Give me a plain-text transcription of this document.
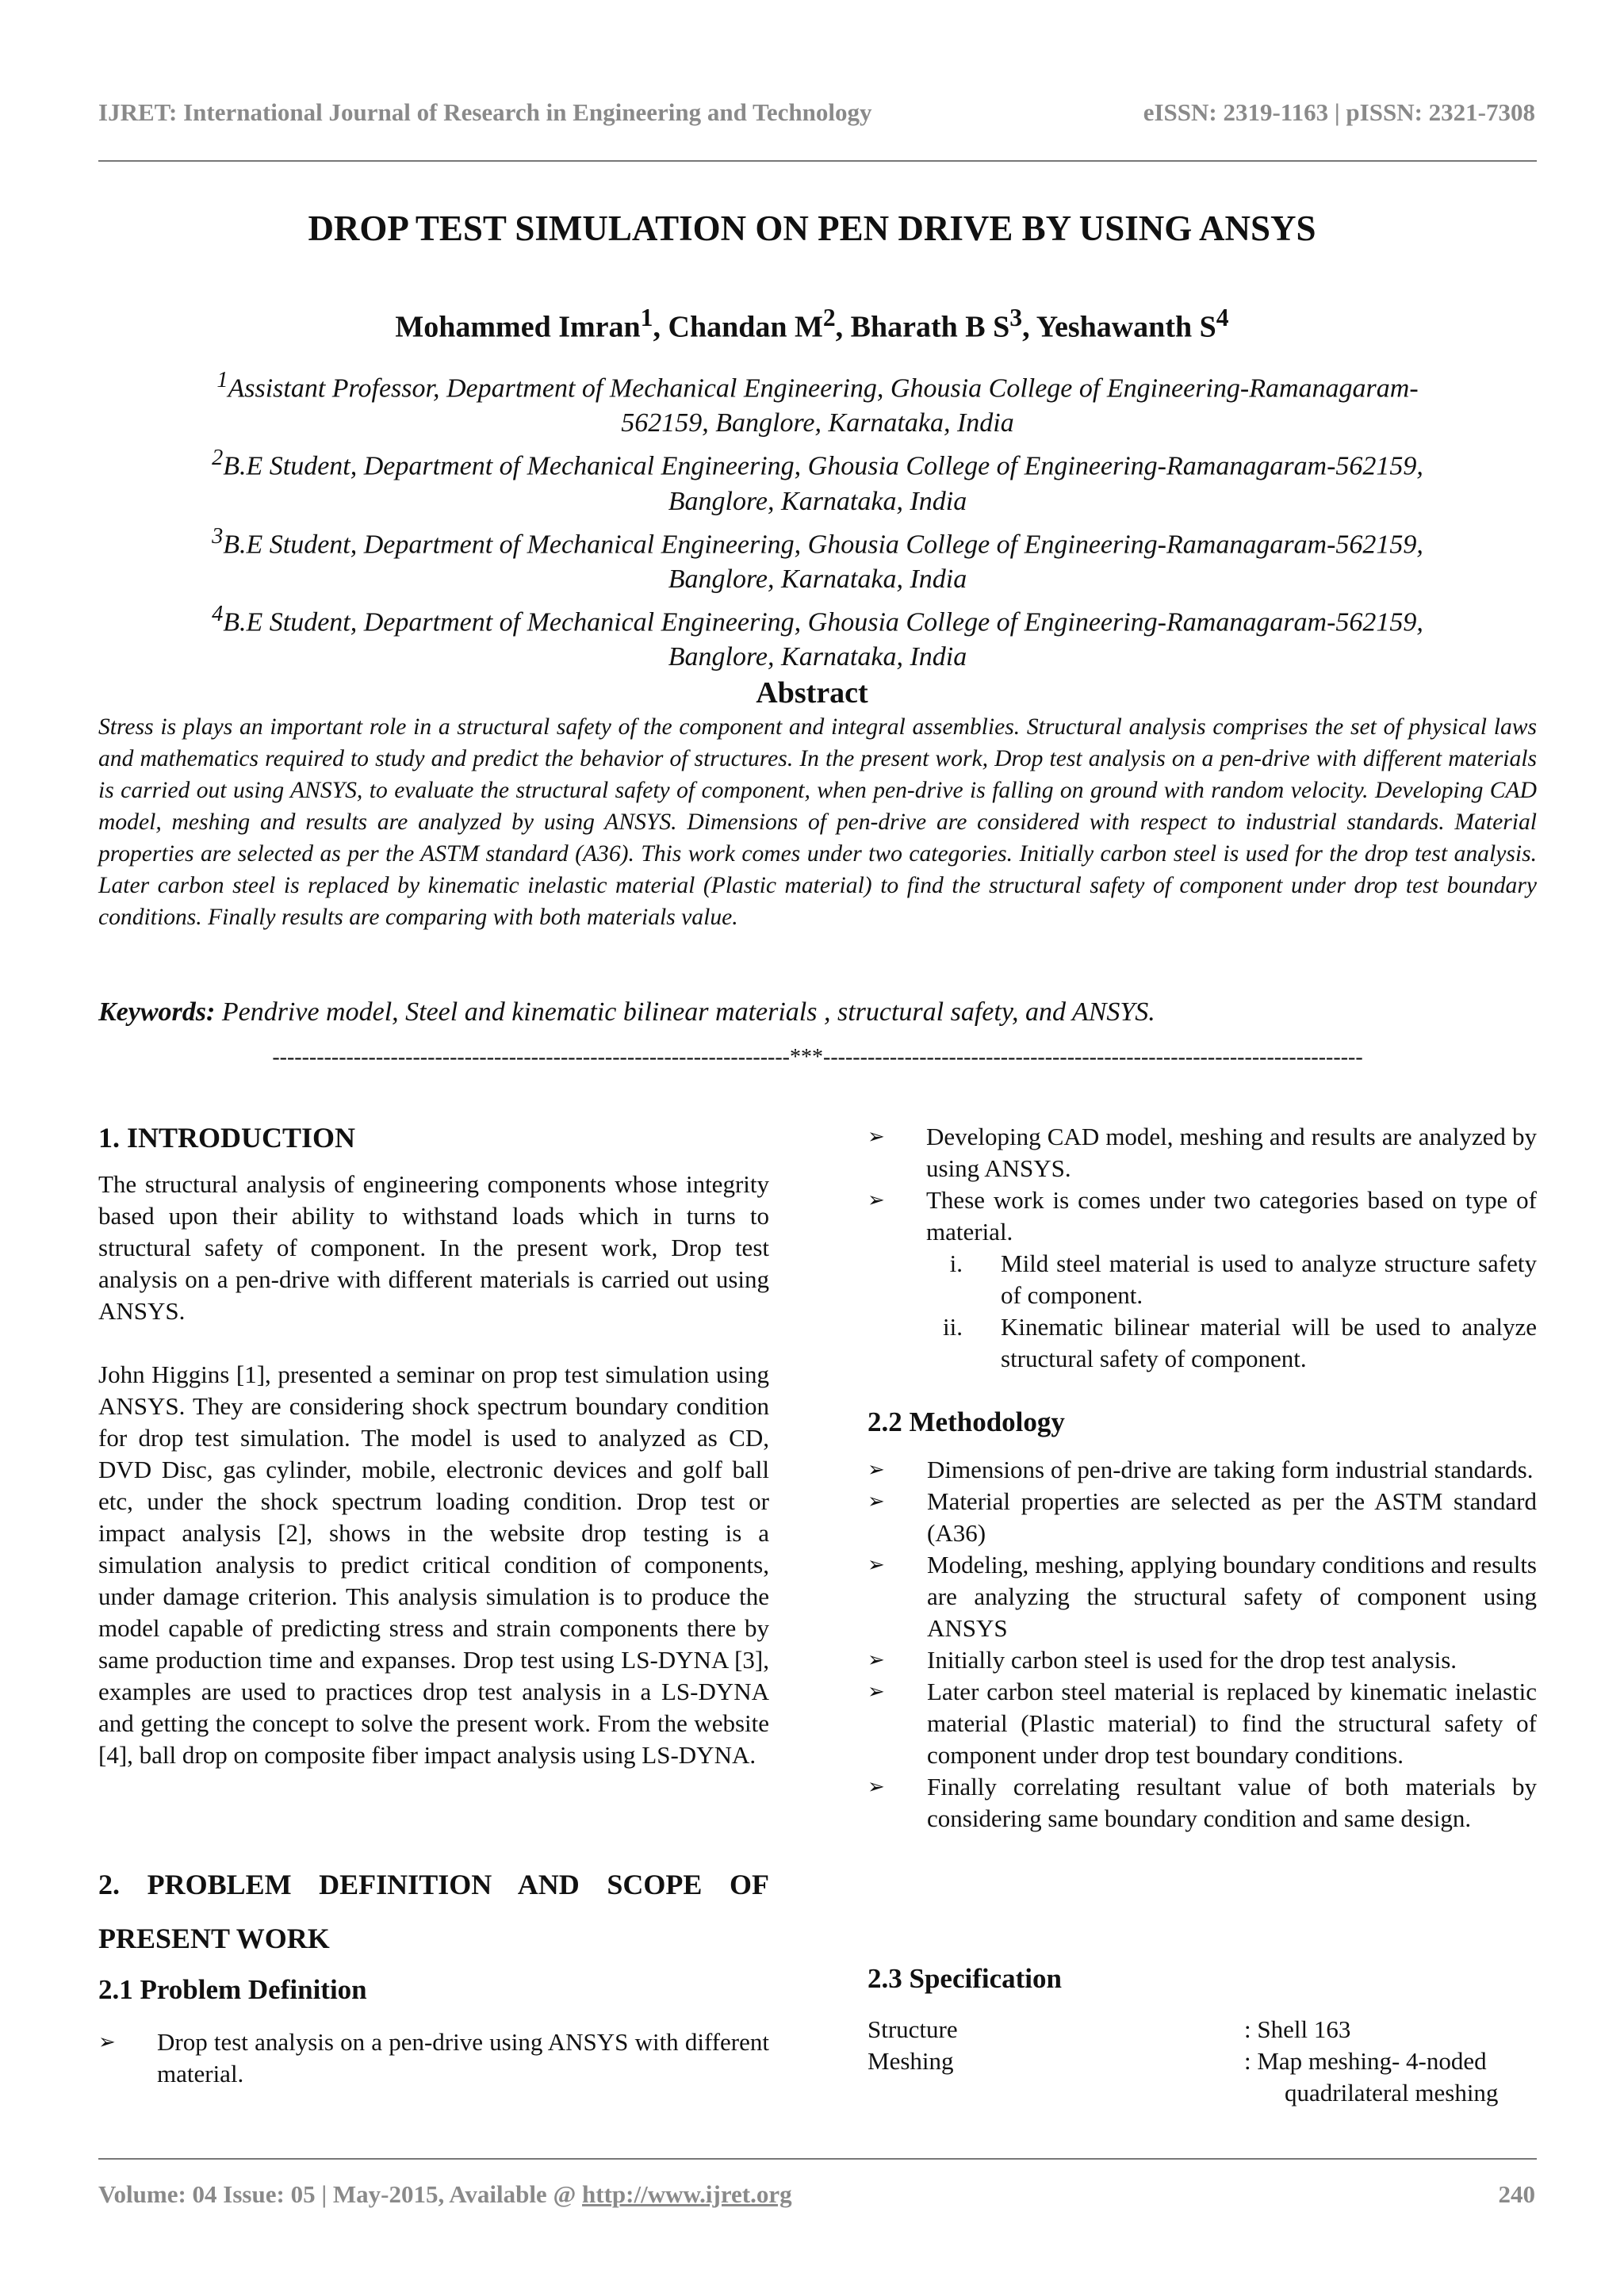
IJRET: International Journal of Research in Engineering and Technology	eISSN: 2319-1163 | pISSN: 2321-7308
DROP TEST SIMULATION ON PEN DRIVE BY USING ANSYS
Mohammed Imran$^1$, Chandan $M^2$, Bharath B $S^3$, Yeshawanth $S^4$
$^1$Assistant Professor, Department of Mechanical Engineering, Ghousia College of Engineering-Ramanagaram-
562159, Banglore, Karnataka, India
$^2$B.E Student, Department of Mechanical Engineering, Ghousia College of Engineering-Ramanagaram-562159,
Banglore, Karnataka, India
$^3$B.E Student, Department of Mechanical Engineering, Ghousia College of Engineering-Ramanagaram-562159,
Banglore, Karnataka, India
$^4$B.E Student, Department of Mechanical Engineering, Ghousia College of Engineering-Ramanagaram-562159,
Banglore, Karnataka, India
Abstract
Stress is plays an important role in a structural safety of the component and integral assemblies. Structural analysis comprises the set of physical laws and mathematics required to study and predict the behavior of structures. In the present work, Drop test analysis on a pen-drive with different materials is carried out using ANSYS, to evaluate the structural safety of component, when pen-drive is falling on ground with random velocity. Developing CAD model, meshing and results are analyzed by using ANSYS. Dimensions of pen-drive are considered with respect to industrial standards. Material properties are selected as per the ASTM standard (A36). This work comes under two categories. Initially carbon steel is used for the drop test analysis. Later carbon steel is replaced by kinematic inelastic material (Plastic material) to find the structural safety of component under drop test boundary conditions. Finally results are comparing with both materials value.
Keywords: Pendrive model, Steel and kinematic bilinear materials , structural safety, and ANSYS.
----------------------------------------------------------------------***-------------------------------------------------------------------------
1. INTRODUCTION
The structural analysis of engineering components whose integrity based upon their ability to withstand loads which in turns to structural safety of component. In the present work, Drop test analysis on a pen-drive with different materials is carried out using ANSYS.
John Higgins [1], presented a seminar on prop test simulation using ANSYS. They are considering shock spectrum boundary condition for drop test simulation. The model is used to analyzed as CD, DVD Disc, gas cylinder, mobile, electronic devices and golf ball etc, under the shock spectrum loading condition. Drop test or impact analysis [2], shows in the website drop testing is a simulation analysis to predict critical condition of components, under damage criterion. This analysis simulation is to produce the model capable of predicting stress and strain components there by same production time and expanses. Drop test using LS-DYNA [3], examples are used to practices drop test analysis in a LS-DYNA and getting the concept to solve the present work. From the website [4], ball drop on composite fiber impact analysis using LS-DYNA.
2. PROBLEM DEFINITION AND SCOPE OF
PRESENT WORK
2.1 Problem Definition
➢ Drop test analysis on a pen-drive using ANSYS with different material.
➢ Developing CAD model, meshing and results are analyzed by using ANSYS.
➢ These work is comes under two categories based on type of material.
i. Mild steel material is used to analyze structure safety of component.
ii. Kinematic bilinear material will be used to analyze structural safety of component.
2.2 Methodology
➢ Dimensions of pen-drive are taking form industrial standards.
➢ Material properties are selected as per the ASTM standard (A36)
➢ Modeling, meshing, applying boundary conditions and results are analyzing the structural safety of component using ANSYS
➢ Initially carbon steel is used for the drop test analysis.
➢ Later carbon steel material is replaced by kinematic inelastic material (Plastic material) to find the structural safety of component under drop test boundary conditions.
➢ Finally correlating resultant value of both materials by considering same boundary condition and same design.
2.3 Specification
Structure	: Shell 163
Meshing	: Map meshing- 4-noded
quadrilateral meshing
Volume: 04 Issue: 05 | May-2015, Available @ http://www.ijret.org	240
